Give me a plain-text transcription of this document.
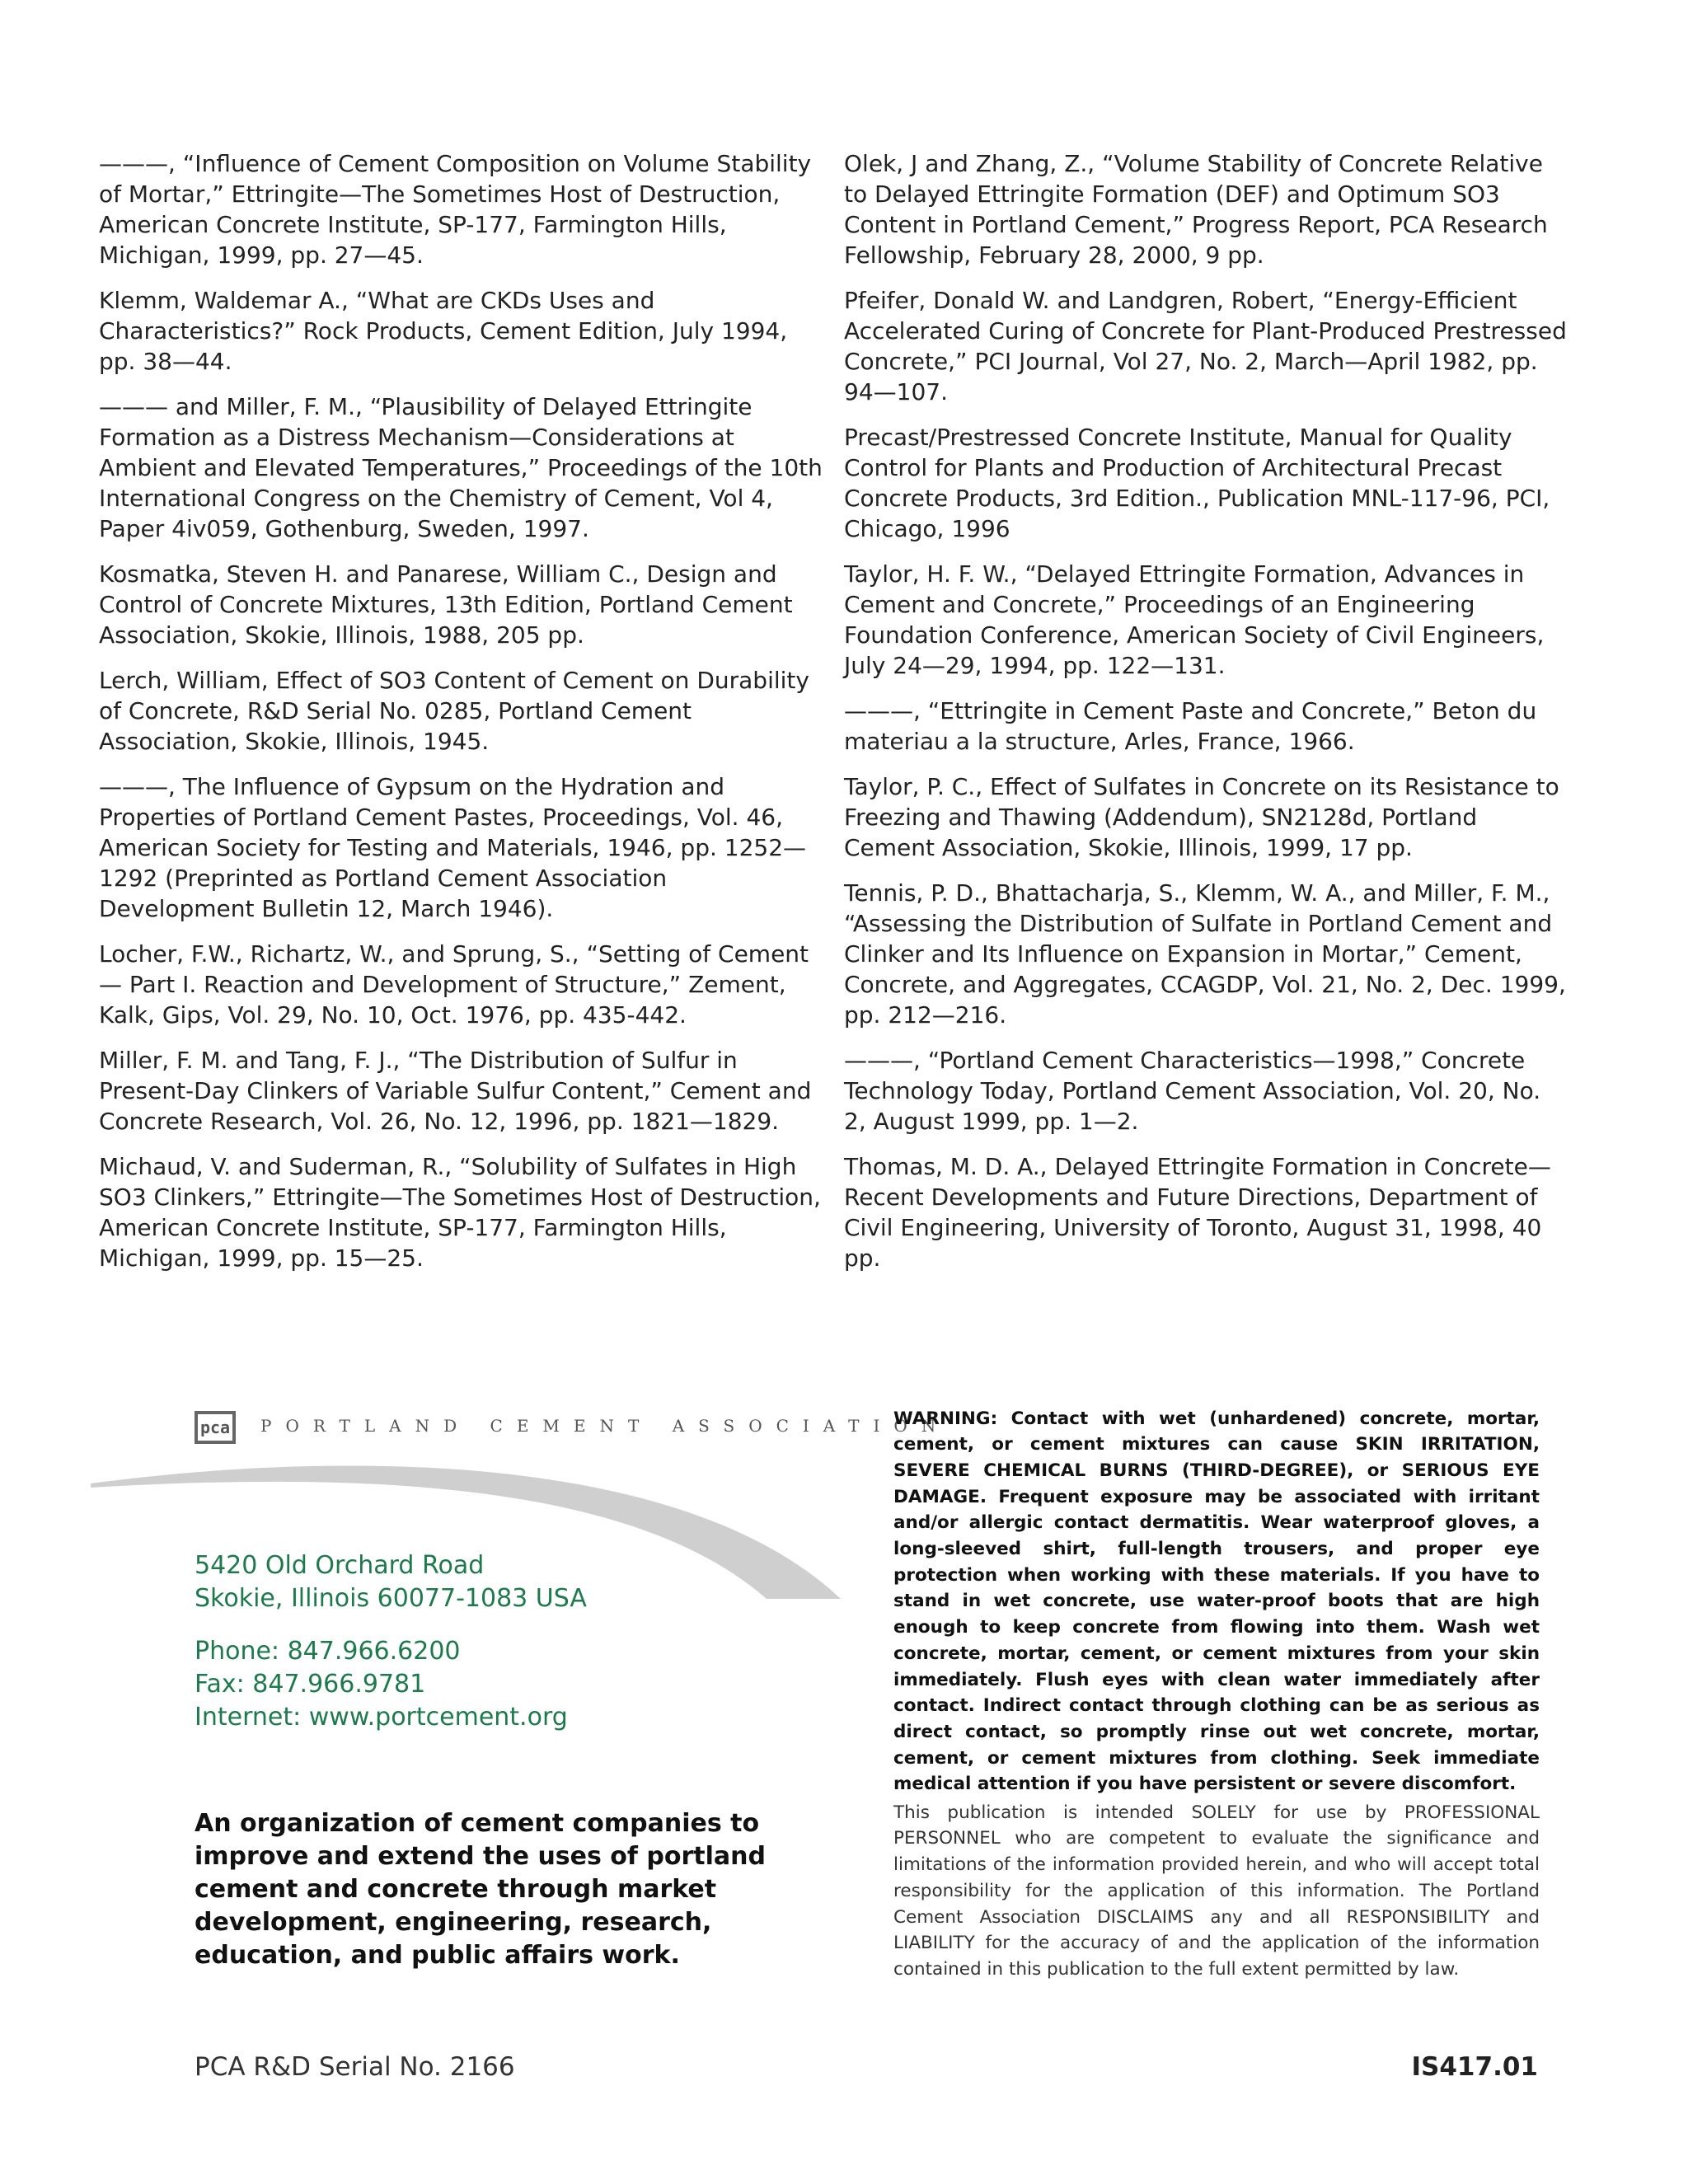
———, “Influence of Cement Composition on Volume Stability of Mortar,” Ettringite—The Sometimes Host of Destruction, American Concrete Institute, SP-177, Farmington Hills, Michigan, 1999, pp. 27—45.

Klemm, Waldemar A., “What are CKDs Uses and Characteristics?” Rock Products, Cement Edition, July 1994, pp. 38—44.

——— and Miller, F. M., “Plausibility of Delayed Ettringite Formation as a Distress Mechanism—Considerations at Ambient and Elevated Temperatures,” Proceedings of the 10th International Congress on the Chemistry of Cement, Vol 4, Paper 4iv059, Gothenburg, Sweden, 1997.

Kosmatka, Steven H. and Panarese, William C., Design and Control of Concrete Mixtures, 13th Edition, Portland Cement Association, Skokie, Illinois, 1988, 205 pp.

Lerch, William, Effect of SO3 Content of Cement on Durability of Concrete, R&D Serial No. 0285, Portland Cement Association, Skokie, Illinois, 1945.

———, The Influence of Gypsum on the Hydration and Properties of Portland Cement Pastes, Proceedings, Vol. 46, American Society for Testing and Materials, 1946, pp. 1252—1292 (Preprinted as Portland Cement Association Development Bulletin 12, March 1946).

Locher, F.W., Richartz, W., and Sprung, S., “Setting of Cement — Part I. Reaction and Development of Structure,” Zement, Kalk, Gips, Vol. 29, No. 10, Oct. 1976, pp. 435-442.

Miller, F. M. and Tang, F. J., “The Distribution of Sulfur in Present-Day Clinkers of Variable Sulfur Content,” Cement and Concrete Research, Vol. 26, No. 12, 1996, pp. 1821—1829.

Michaud, V. and Suderman, R., “Solubility of Sulfates in High SO3 Clinkers,” Ettringite—The Sometimes Host of Destruction, American Concrete Institute, SP-177, Farmington Hills, Michigan, 1999, pp. 15—25.

Olek, J and Zhang, Z., “Volume Stability of Concrete Relative to Delayed Ettringite Formation (DEF) and Optimum SO3 Content in Portland Cement,” Progress Report, PCA Research Fellowship, February 28, 2000, 9 pp.

Pfeifer, Donald W. and Landgren, Robert, “Energy-Efficient Accelerated Curing of Concrete for Plant-Produced Prestressed Concrete,” PCI Journal, Vol 27, No. 2, March—April 1982, pp. 94—107.

Precast/Prestressed Concrete Institute, Manual for Quality Control for Plants and Production of Architectural Precast Concrete Products, 3rd Edition., Publication MNL-117-96, PCI, Chicago, 1996

Taylor, H. F. W., “Delayed Ettringite Formation, Advances in Cement and Concrete,” Proceedings of an Engineering Foundation Conference, American Society of Civil Engineers, July 24—29, 1994, pp. 122—131.

———, “Ettringite in Cement Paste and Concrete,” Beton du materiau a la structure, Arles, France, 1966.

Taylor, P. C., Effect of Sulfates in Concrete on its Resistance to Freezing and Thawing (Addendum), SN2128d, Portland Cement Association, Skokie, Illinois, 1999, 17 pp.

Tennis, P. D., Bhattacharja, S., Klemm, W. A., and Miller, F. M., “Assessing the Distribution of Sulfate in Portland Cement and Clinker and Its Influence on Expansion in Mortar,” Cement, Concrete, and Aggregates, CCAGDP, Vol. 21, No. 2, Dec. 1999, pp. 212—216.

———, “Portland Cement Characteristics—1998,” Concrete Technology Today, Portland Cement Association, Vol. 20, No. 2, August 1999, pp. 1—2.

Thomas, M. D. A., Delayed Ettringite Formation in Concrete—Recent Developments and Future Directions, Department of Civil Engineering, University of Toronto, August 31, 1998, 40 pp.

pca	PORTLAND CEMENT ASSOCIATION
5420 Old Orchard Road
Skokie, Illinois 60077-1083 USA
Phone: 847.966.6200
Fax: 847.966.9781
Internet: www.portcement.org

An organization of cement companies to improve and extend the uses of portland cement and concrete through market development, engineering, research, education, and public affairs work.

WARNING: Contact with wet (unhardened) concrete, mortar, cement, or cement mixtures can cause SKIN IRRITATION, SEVERE CHEMICAL BURNS (THIRD-DEGREE), or SERIOUS EYE DAMAGE. Frequent exposure may be associated with irritant and/or allergic contact dermatitis. Wear waterproof gloves, a long-sleeved shirt, full-length trousers, and proper eye protection when working with these materials. If you have to stand in wet concrete, use water-proof boots that are high enough to keep concrete from flowing into them. Wash wet concrete, mortar, cement, or cement mixtures from your skin immediately. Flush eyes with clean water immediately after contact. Indirect contact through clothing can be as serious as direct contact, so promptly rinse out wet concrete, mortar, cement, or cement mixtures from clothing. Seek immediate medical attention if you have persistent or severe discomfort.

This publication is intended SOLELY for use by PROFESSIONAL PERSONNEL who are competent to evaluate the significance and limitations of the information provided herein, and who will accept total responsibility for the application of this information. The Portland Cement Association DISCLAIMS any and all RESPONSIBILITY and LIABILITY for the accuracy of and the application of the information contained in this publication to the full extent permitted by law.

PCA R&D Serial No. 2166	IS417.01
